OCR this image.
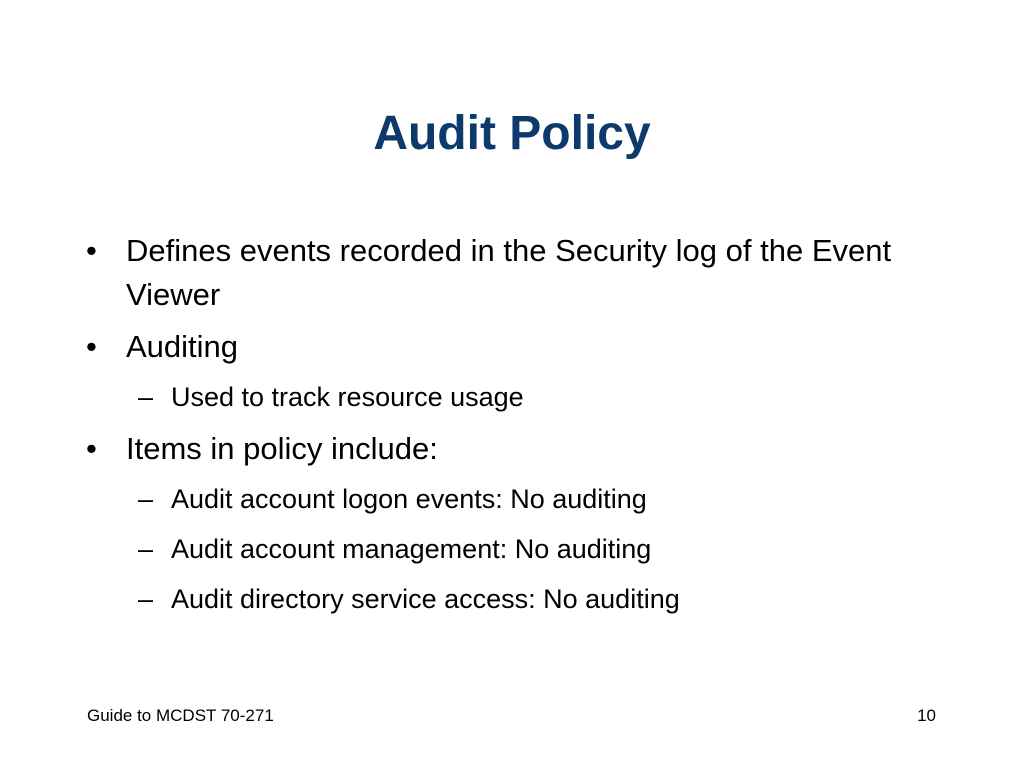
Audit Policy
• Defines events recorded in the Security log of the Event Viewer
• Auditing
– Used to track resource usage
• Items in policy include:
– Audit account logon events: No auditing
– Audit account management: No auditing
– Audit directory service access: No auditing
Guide to MCDST 70-271	10
